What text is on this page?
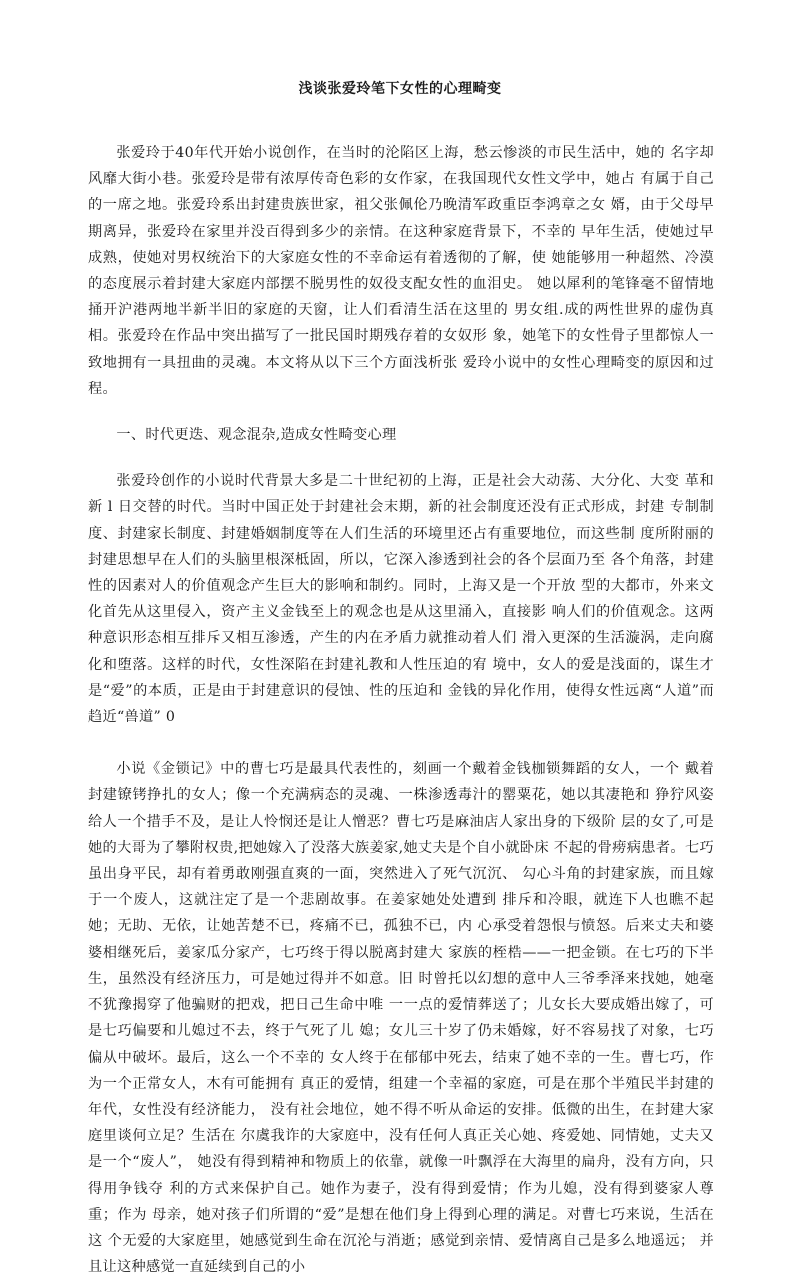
浅谈张爱玲笔下女性的心理畸变

张爱玲于40年代开始小说创作，在当时的沦陷区上海，愁云惨淡的市民生活中，她的 名字却风靡大街小巷。张爱玲是带有浓厚传奇色彩的女作家，在我国现代女性文学中，她占 有属于自己的一席之地。张爱玲系出封建贵族世家，祖父张佩伦乃晚清军政重臣李鸿章之女 婿，由于父母早期离异，张爱玲在家里并没百得到多少的亲情。在这种家庭背景下，不幸的 早年生活，使她过早成熟，使她对男权统治下的大家庭女性的不幸命运有着透彻的了解，使 她能够用一种超然、冷漠的态度展示着封建大家庭内部摆不脱男性的奴役支配女性的血泪史。 她以犀利的笔锋毫不留情地捅开沪港两地半新半旧的家庭的天窗，让人们看清生活在这里的 男女组.成的两性世界的虚伪真相。张爱玲在作品中突出描写了一批民国时期残存着的女奴形 象，她笔下的女性骨子里都惊人一致地拥有一具扭曲的灵魂。本文将从以下三个方面浅析张 爱玲小说中的女性心理畸变的原因和过程。

一、时代更迭、观念混杂,造成女性畸变心理

张爱玲创作的小说时代背景大多是二十世纪初的上海，正是社会大动荡、大分化、大变 革和新 l 日交替的时代。当时中国正处于封建社会末期，新的社会制度还没有正式形成，封建 专制制度、封建家长制度、封建婚姻制度等在人们生活的环境里还占有重要地位，而这些制 度所附丽的封建思想早在人们的头脑里根深柢固，所以，它深入渗透到社会的各个层面乃至 各个角落，封建性的因素对人的价值观念产生巨大的影响和制约。同时，上海又是一个开放 型的大都市，外来文化首先从这里侵入，资产主义金钱至上的观念也是从这里涌入，直接影 响人们的价值观念。这两种意识形态相互排斥又相互渗透，产生的内在矛盾力就推动着人们 滑入更深的生活漩涡，走向腐化和堕落。这样的时代，女性深陷在封建礼教和人性压迫的宥 境中，女人的爱是浅面的，谋生才是“爱”的本质，正是由于封建意识的侵蚀、性的压迫和 金钱的异化作用，使得女性远离“人道”而趋近“兽道” 0

小说《金锁记》中的曹七巧是最具代表性的，刻画一个戴着金钱枷锁舞蹈的女人，一个 戴着封建镣铐挣扎的女人；像一个充满病态的灵魂、一株渗透毒汁的罂粟花，她以其凄艳和 狰狞风姿给人一个措手不及，是让人怜悯还是让人憎恶？曹七巧是麻油店人家出身的下级阶 层的女了,可是她的大哥为了攀附权贵,把她嫁入了没落大族姜家,她丈夫是个自小就卧床 不起的骨痨病患者。七巧虽出身平民，却有着勇敢刚强直爽的一面，突然进入了死气沉沉、 勾心斗角的封建家族，而且嫁于一个废人，这就注定了是一个悲剧故事。在姜家她处处遭到 排斥和冷眼，就连下人也瞧不起她；无助、无依，让她苦楚不已，疼痛不已，孤独不已，内 心承受着怨恨与愤怒。后来丈夫和婆婆相继死后，姜家瓜分家产，七巧终于得以脱离封建大 家族的桎梏——一把金锁。在七巧的下半生，虽然没有经济压力，可是她过得并不如意。旧 时曾托以幻想的意中人三爷季泽来找她，她毫不犹豫揭穿了他骗财的把戏，把日己生命中唯 一一点的爱情葬送了；儿女长大要成婚出嫁了，可是七巧偏要和儿媳过不去，终于气死了儿 媳；女儿三十岁了仍未婚嫁，好不容易找了对象，七巧偏从中破坏。最后，这么一个不幸的 女人终于在郁郁中死去，结束了她不幸的一生。曹七巧，作为一个正常女人，木有可能拥有 真正的爱情，组建一个幸福的家庭，可是在那个半殖民半封建的年代，女性没有经济能力， 没有社会地位，她不得不听从命运的安排。低微的出生，在封建大家庭里谈何立足？生活在 尔虞我诈的大家庭中，没有任何人真正关心她、疼爱她、同情她，丈夫又是一个“废人”， 她没有得到精神和物质上的依靠，就像一叶飘浮在大海里的扁舟，没有方向，只得用争钱夺 利的方式来保护自己。她作为妻子，没有得到爱情；作为儿媳，没有得到婆家人尊重；作为 母亲，她对孩子们所谓的“爱”是想在他们身上得到心理的满足。对曹七巧来说，生活在这 个无爱的大家庭里，她感觉到生命在沉沦与消逝；感觉到亲情、爱情离自己是多么地遥远； 并且让这种感觉一直延续到自己的小
